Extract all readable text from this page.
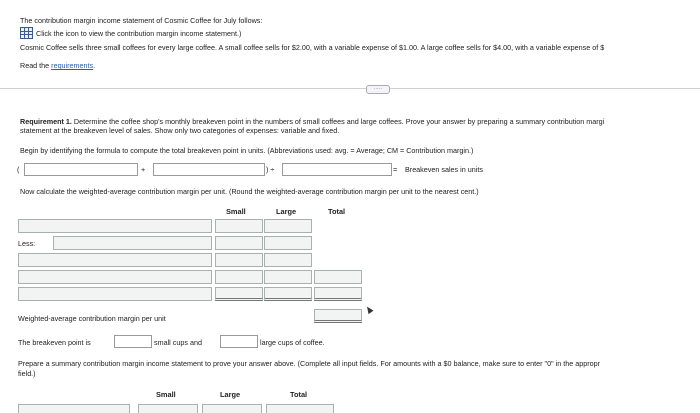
The contribution margin income statement of Cosmic Coffee for July follows:
Click the icon to view the contribution margin income statement.)
Cosmic Coffee sells three small coffees for every large coffee. A small coffee sells for $2.00, with a variable expense of $1.00. A large coffee sells for $4.00, with a variable expense of $
Read the requirements.
·····
Requirement 1. Determine the coffee shop's monthly breakeven point in the numbers of small coffees and large coffees. Prove your answer by preparing a summary contribution margi
statement at the breakeven level of sales. Show only two categories of expenses: variable and fixed.
Begin by identifying the formula to compute the total breakeven point in units. (Abbreviations used: avg. = Average; CM = Contribution margin.)
(	+	) ÷	= Breakeven sales in units
Now calculate the weighted-average contribution margin per unit. (Round the weighted-average contribution margin per unit to the nearest cent.)
Small	Large	Total
Less:
Weighted-average contribution margin per unit
The breakeven point is	small cups and	large cups of coffee.
Prepare a summary contribution margin income statement to prove your answer above. (Complete all input fields. For amounts with a $0 balance, make sure to enter "0" in the appropr
field.)
Small	Large	Total
